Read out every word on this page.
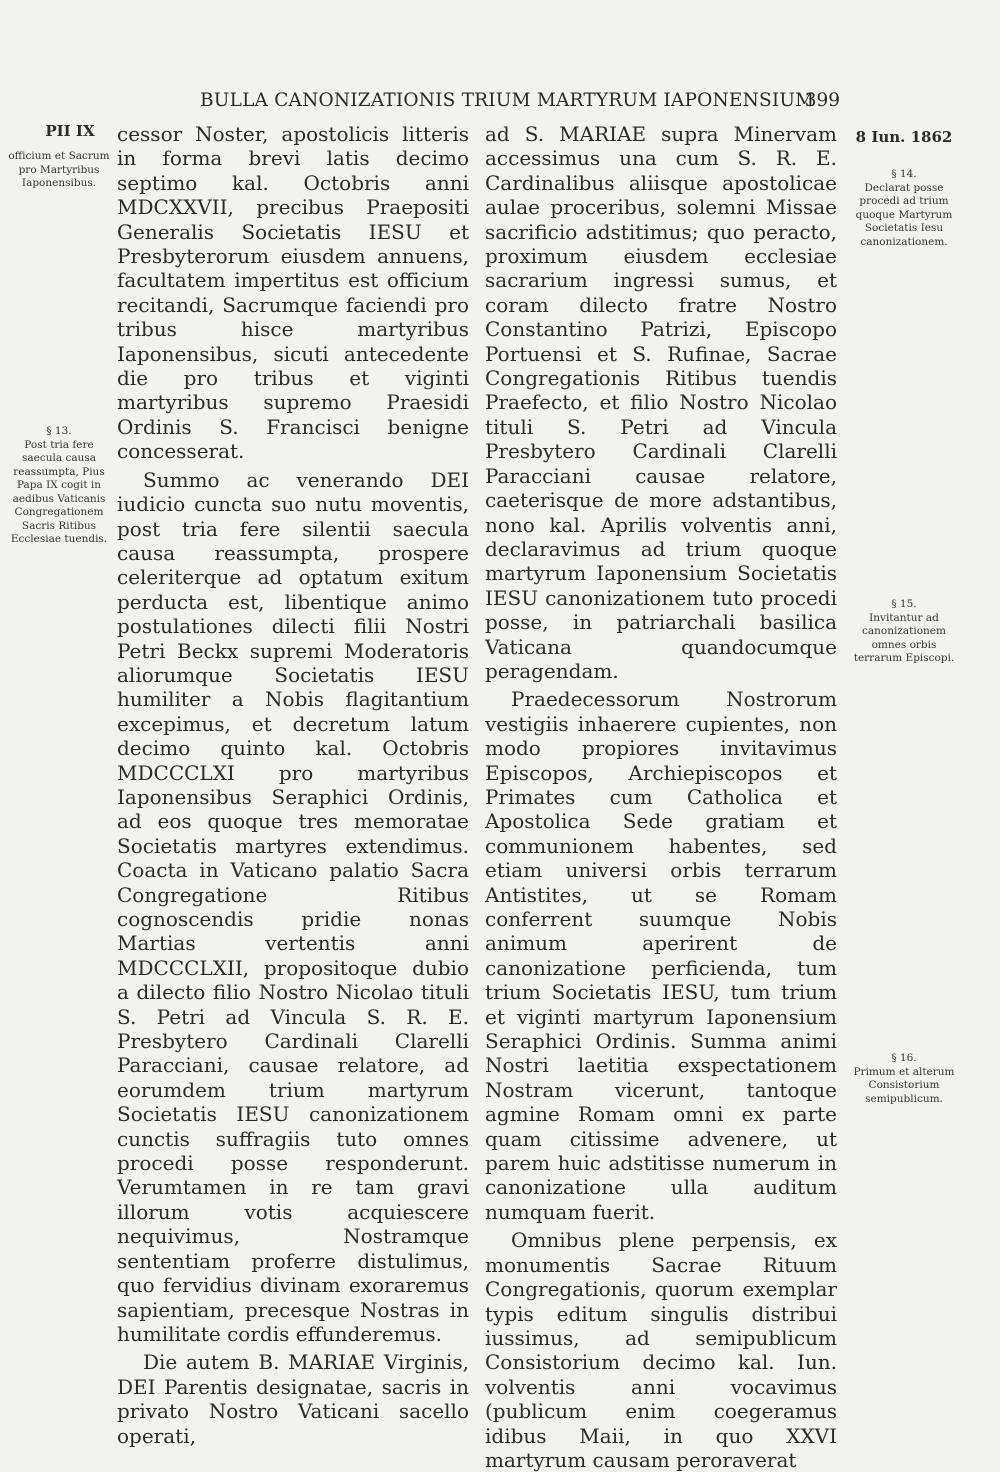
BULLA CANONIZATIONIS TRIUM MARTYRUM IAPONENSIUM
399
PII IX	8 Iun. 1862
officium et Sacrum pro Martyribus Iaponensibus.
§ 13.
Post tria fere saecula causa reassumpta, Pius Papa IX cogit in aedibus Vaticanis Congregationem Sacris Ritibus Ecclesiae tuendis.
§ 14.
Declarat posse procedi ad trium quoque Martyrum Societatis Iesu canonizationem.
§ 15.
Invitantur ad canonizationem omnes orbis terrarum Episcopi.
§ 16.
Primum et alterum Consistorium semipublicum.

cessor Noster, apostolicis litteris in forma brevi latis decimo septimo kal. Octobris anni MDCXXVII, precibus Praepositi Generalis Societatis IESU et Presbyterorum eiusdem annuens, facultatem impertitus est officium recitandi, Sacrumque faciendi pro tribus hisce martyribus Iaponensibus, sicuti antecedente die pro tribus et viginti martyribus supremo Praesidi Ordinis S. Francisci benigne concesserat.

Summo ac venerando DEI iudicio cuncta suo nutu moventis, post tria fere silentii saecula causa reassumpta, prospere celeriterque ad optatum exitum perducta est, libentique animo postulationes dilecti filii Nostri Petri Beckx supremi Moderatoris aliorumque Societatis IESU humiliter a Nobis flagitantium excepimus, et decretum latum decimo quinto kal. Octobris MDCCCLXI pro martyribus Iaponensibus Seraphici Ordinis, ad eos quoque tres memoratae Societatis martyres extendimus. Coacta in Vaticano palatio Sacra Congregatione Ritibus cognoscendis pridie nonas Martias vertentis anni MDCCCLXII, propositoque dubio a dilecto filio Nostro Nicolao tituli S. Petri ad Vincula S. R. E. Presbytero Cardinali Clarelli Paracciani, causae relatore, ad eorumdem trium martyrum Societatis IESU canonizationem cunctis suffragiis tuto omnes procedi posse responderunt. Verumtamen in re tam gravi illorum votis acquiescere nequivimus, Nostramque sententiam proferre distulimus, quo fervidius divinam exoraremus sapientiam, precesque Nostras in humilitate cordis effunderemus.

Die autem B. MARIAE Virginis, DEI Parentis designatae, sacris in privato Nostro Vaticani sacello operati,

ad S. MARIAE supra Minervam accessimus una cum S. R. E. Cardinalibus aliisque apostolicae aulae proceribus, solemni Missae sacrificio adstitimus; quo peracto, proximum eiusdem ecclesiae sacrarium ingressi sumus, et coram dilecto fratre Nostro Constantino Patrizi, Episcopo Portuensi et S. Rufinae, Sacrae Congregationis Ritibus tuendis Praefecto, et filio Nostro Nicolao tituli S. Petri ad Vincula Presbytero Cardinali Clarelli Paracciani causae relatore, caeterisque de more adstantibus, nono kal. Aprilis volventis anni, declaravimus ad trium quoque martyrum Iaponensium Societatis IESU canonizationem tuto procedi posse, in patriarchali basilica Vaticana quandocumque peragendam.

Praedecessorum Nostrorum vestigiis inhaerere cupientes, non modo propiores invitavimus Episcopos, Archiepiscopos et Primates cum Catholica et Apostolica Sede gratiam et communionem habentes, sed etiam universi orbis terrarum Antistites, ut se Romam conferrent suumque Nobis animum aperirent de canonizatione perficienda, tum trium Societatis IESU, tum trium et viginti martyrum Iaponensium Seraphici Ordinis. Summa animi Nostri laetitia exspectationem Nostram vicerunt, tantoque agmine Romam omni ex parte quam citissime advenere, ut parem huic adstitisse numerum in canonizatione ulla auditum numquam fuerit.

Omnibus plene perpensis, ex monumentis Sacrae Rituum Congregationis, quorum exemplar typis editum singulis distribui iussimus, ad semipublicum Consistorium decimo kal. Iun. volventis anni vocavimus (publicum enim coegeramus idibus Maii, in quo XXVI martyrum causam peroraverat
